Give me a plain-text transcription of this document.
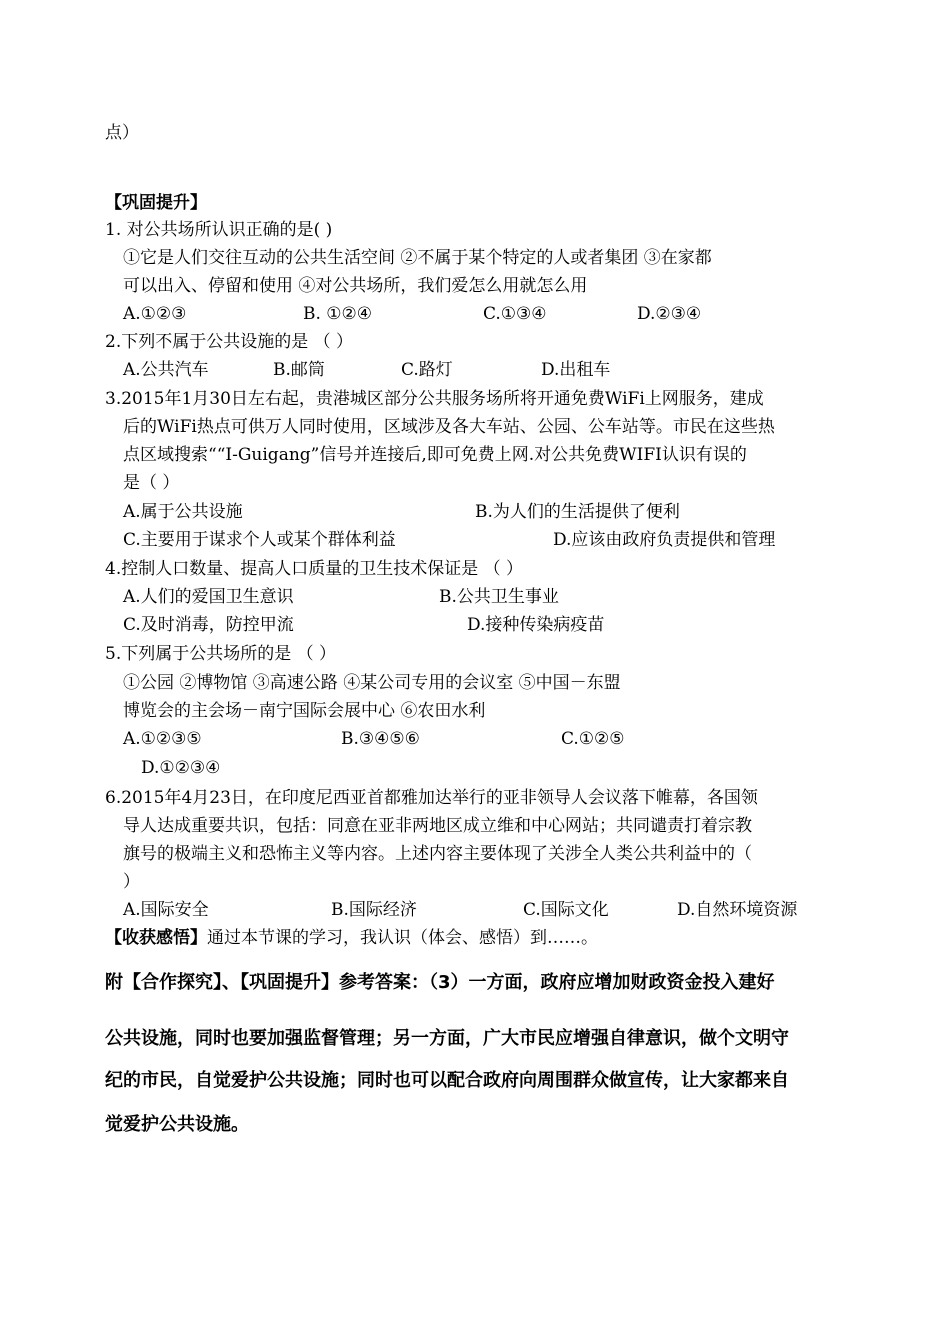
点）
【巩固提升】
1. 对公共场所认识正确的是( )
①它是人们交往互动的公共生活空间 ②不属于某个特定的人或者集团 ③在家都
可以出入、停留和使用 ④对公共场所，我们爱怎么用就怎么用
A.①②③	B. ①②④	C.①③④	D.②③④
2.下列不属于公共设施的是 （ ）
A.公共汽车	B.邮筒	C.路灯	D.出租车
3.2015年1月30日左右起，贵港城区部分公共服务场所将开通免费WiFi上网服务，建成
后的WiFi热点可供万人同时使用，区域涉及各大车站、公园、公车站等。市民在这些热
点区域搜索““I-Guigang”信号并连接后,即可免费上网.对公共免费WIFI认识有误的
是（ ）
A.属于公共设施	B.为人们的生活提供了便利
C.主要用于谋求个人或某个群体利益	D.应该由政府负责提供和管理
4.控制人口数量、提高人口质量的卫生技术保证是 （ ）
A.人们的爱国卫生意识	B.公共卫生事业
C.及时消毒，防控甲流	D.接种传染病疫苗
5.下列属于公共场所的是 （ ）
①公园 ②博物馆 ③高速公路 ④某公司专用的会议室 ⑤中国－东盟
博览会的主会场－南宁国际会展中心 ⑥农田水利
A.①②③⑤	B.③④⑤⑥	C.①②⑤
D.①②③④
6.2015年4月23日，在印度尼西亚首都雅加达举行的亚非领导人会议落下帷幕，各国领
导人达成重要共识，包括：同意在亚非两地区成立维和中心网站；共同谴责打着宗教
旗号的极端主义和恐怖主义等内容。上述内容主要体现了关涉全人类公共利益中的（
）
A.国际安全	B.国际经济	C.国际文化	D.自然环境资源
【收获感悟】通过本节课的学习，我认识（体会、感悟）到……。
附【合作探究】、【巩固提升】参考答案：（3）一方面，政府应增加财政资金投入建好
公共设施，同时也要加强监督管理；另一方面，广大市民应增强自律意识，做个文明守
纪的市民，自觉爱护公共设施；同时也可以配合政府向周围群众做宣传，让大家都来自
觉爱护公共设施。
